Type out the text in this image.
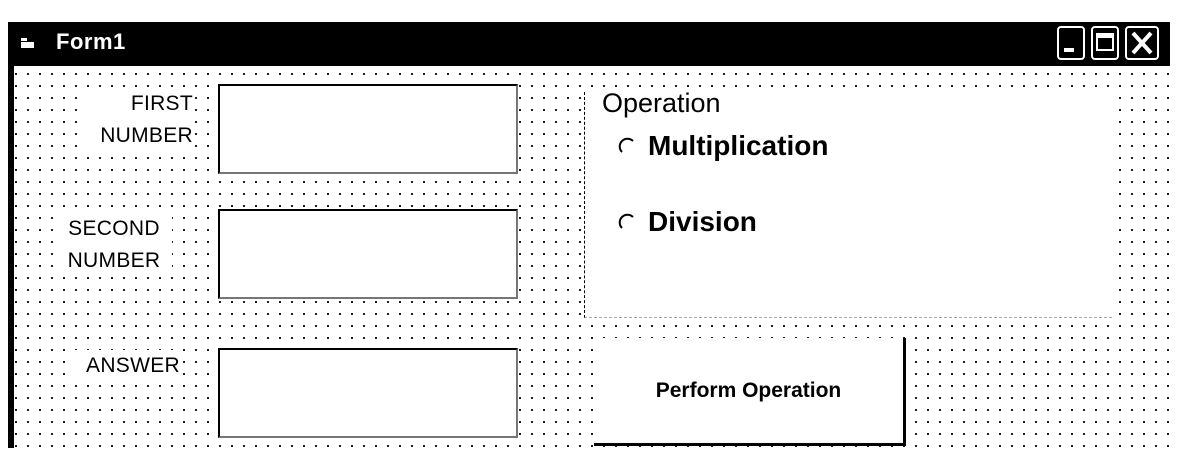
Form1
FIRST NUMBER
SECOND NUMBER
ANSWER
Operation
Multiplication
Division
Perform Operation
